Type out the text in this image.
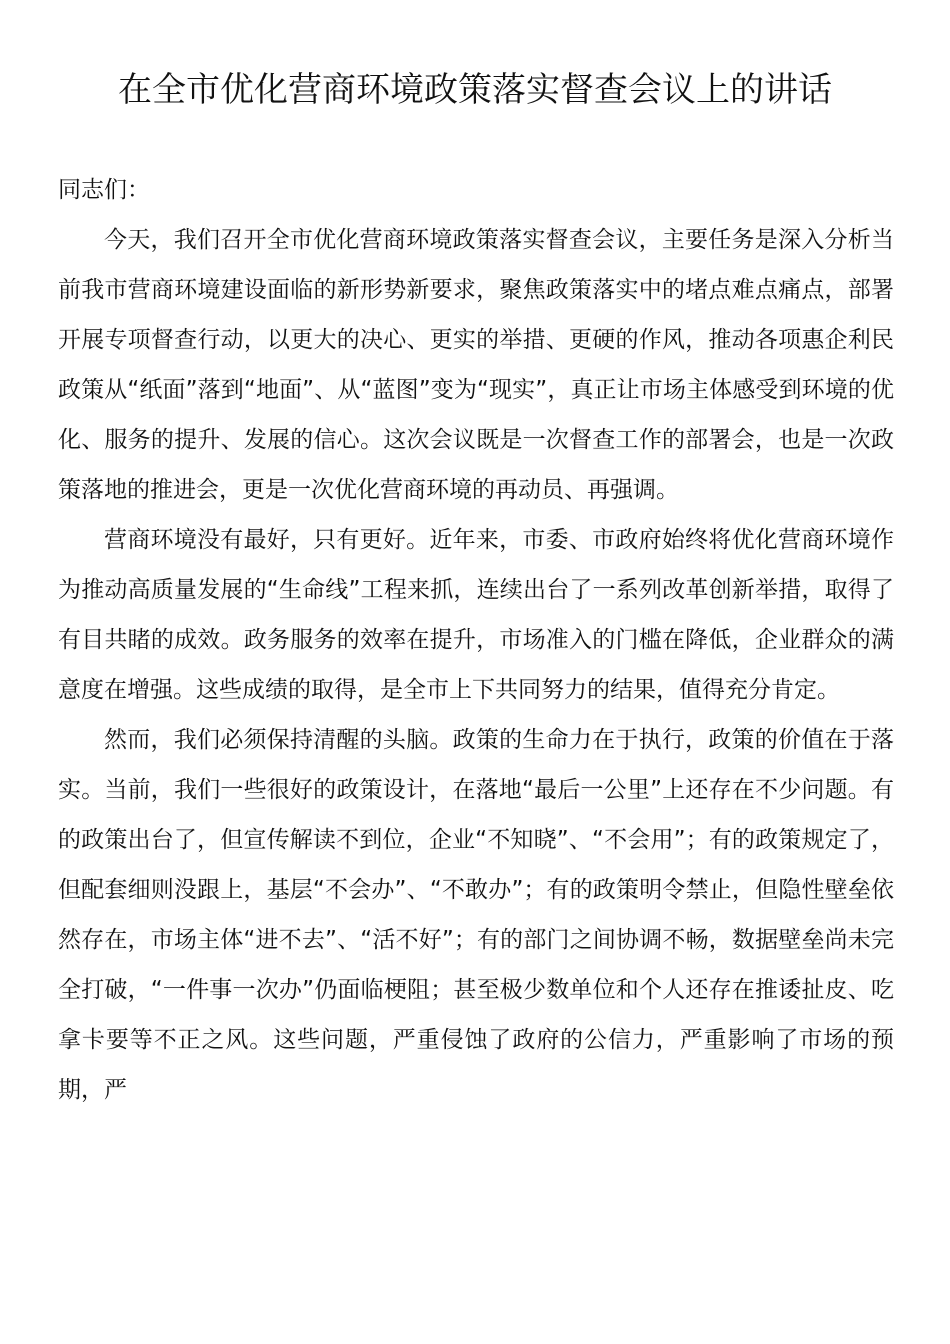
在全市优化营商环境政策落实督查会议上的讲话

同志们：

今天，我们召开全市优化营商环境政策落实督查会议，主要任务是深入分析当前我市营商环境建设面临的新形势新要求，聚焦政策落实中的堵点难点痛点，部署开展专项督查行动，以更大的决心、更实的举措、更硬的作风，推动各项惠企利民政策从“纸面”落到“地面”、从“蓝图”变为“现实”，真正让市场主体感受到环境的优化、服务的提升、发展的信心。这次会议既是一次督查工作的部署会，也是一次政策落地的推进会，更是一次优化营商环境的再动员、再强调。

营商环境没有最好，只有更好。近年来，市委、市政府始终将优化营商环境作为推动高质量发展的“生命线”工程来抓，连续出台了一系列改革创新举措，取得了有目共睹的成效。政务服务的效率在提升，市场准入的门槛在降低，企业群众的满意度在增强。这些成绩的取得，是全市上下共同努力的结果，值得充分肯定。

然而，我们必须保持清醒的头脑。政策的生命力在于执行，政策的价值在于落实。当前，我们一些很好的政策设计，在落地“最后一公里”上还存在不少问题。有的政策出台了，但宣传解读不到位，企业“不知晓”、“不会用”；有的政策规定了，但配套细则没跟上，基层“不会办”、“不敢办”；有的政策明令禁止，但隐性壁垒依然存在，市场主体“进不去”、“活不好”；有的部门之间协调不畅，数据壁垒尚未完全打破，“一件事一次办”仍面临梗阻；甚至极少数单位和个人还存在推诿扯皮、吃拿卡要等不正之风。这些问题，严重侵蚀了政府的公信力，严重影响了市场的预期，严
